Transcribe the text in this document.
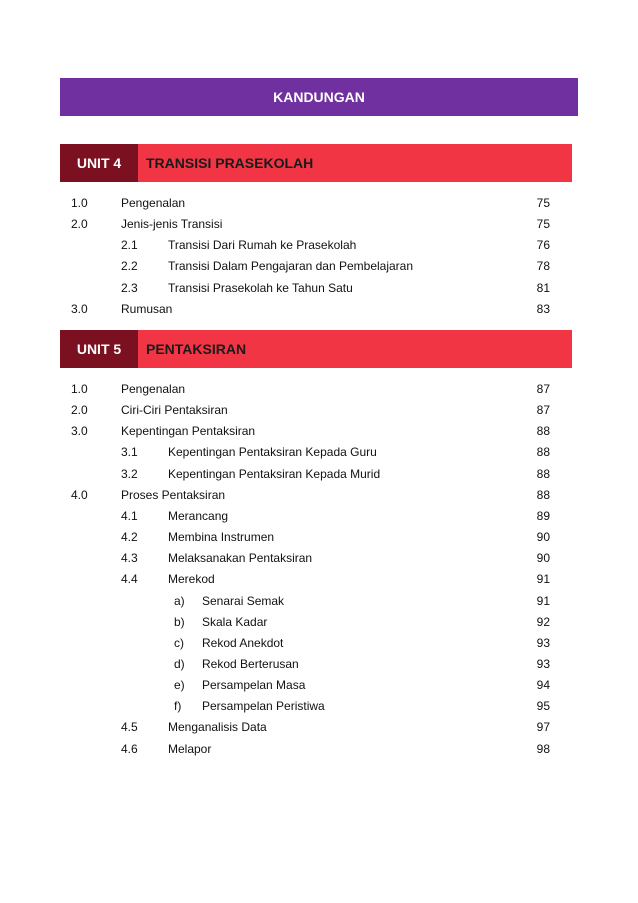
KANDUNGAN
UNIT 4	TRANSISI PRASEKOLAH
UNIT 5	PENTAKSIRAN
1.0	Pengenalan	75
2.0	Jenis-jenis Transisi	75
2.1	Transisi Dari Rumah ke Prasekolah	76
2.2	Transisi Dalam Pengajaran dan Pembelajaran	78
2.3	Transisi Prasekolah ke Tahun Satu	81
3.0	Rumusan	83
1.0	Pengenalan	87
2.0	Ciri-Ciri Pentaksiran	87
3.0	Kepentingan Pentaksiran	88
3.1	Kepentingan Pentaksiran Kepada Guru	88
3.2	Kepentingan Pentaksiran Kepada Murid	88
4.0	Proses Pentaksiran	88
4.1	Merancang	89
4.2	Membina Instrumen	90
4.3	Melaksanakan Pentaksiran	90
4.4	Merekod	91
a) Senarai Semak	91
b) Skala Kadar	92
c) Rekod Anekdot	93
d) Rekod Berterusan	93
e) Persampelan Masa	94
f) Persampelan Peristiwa	95
4.5	Menganalisis Data	97
4.6	Melapor	98
